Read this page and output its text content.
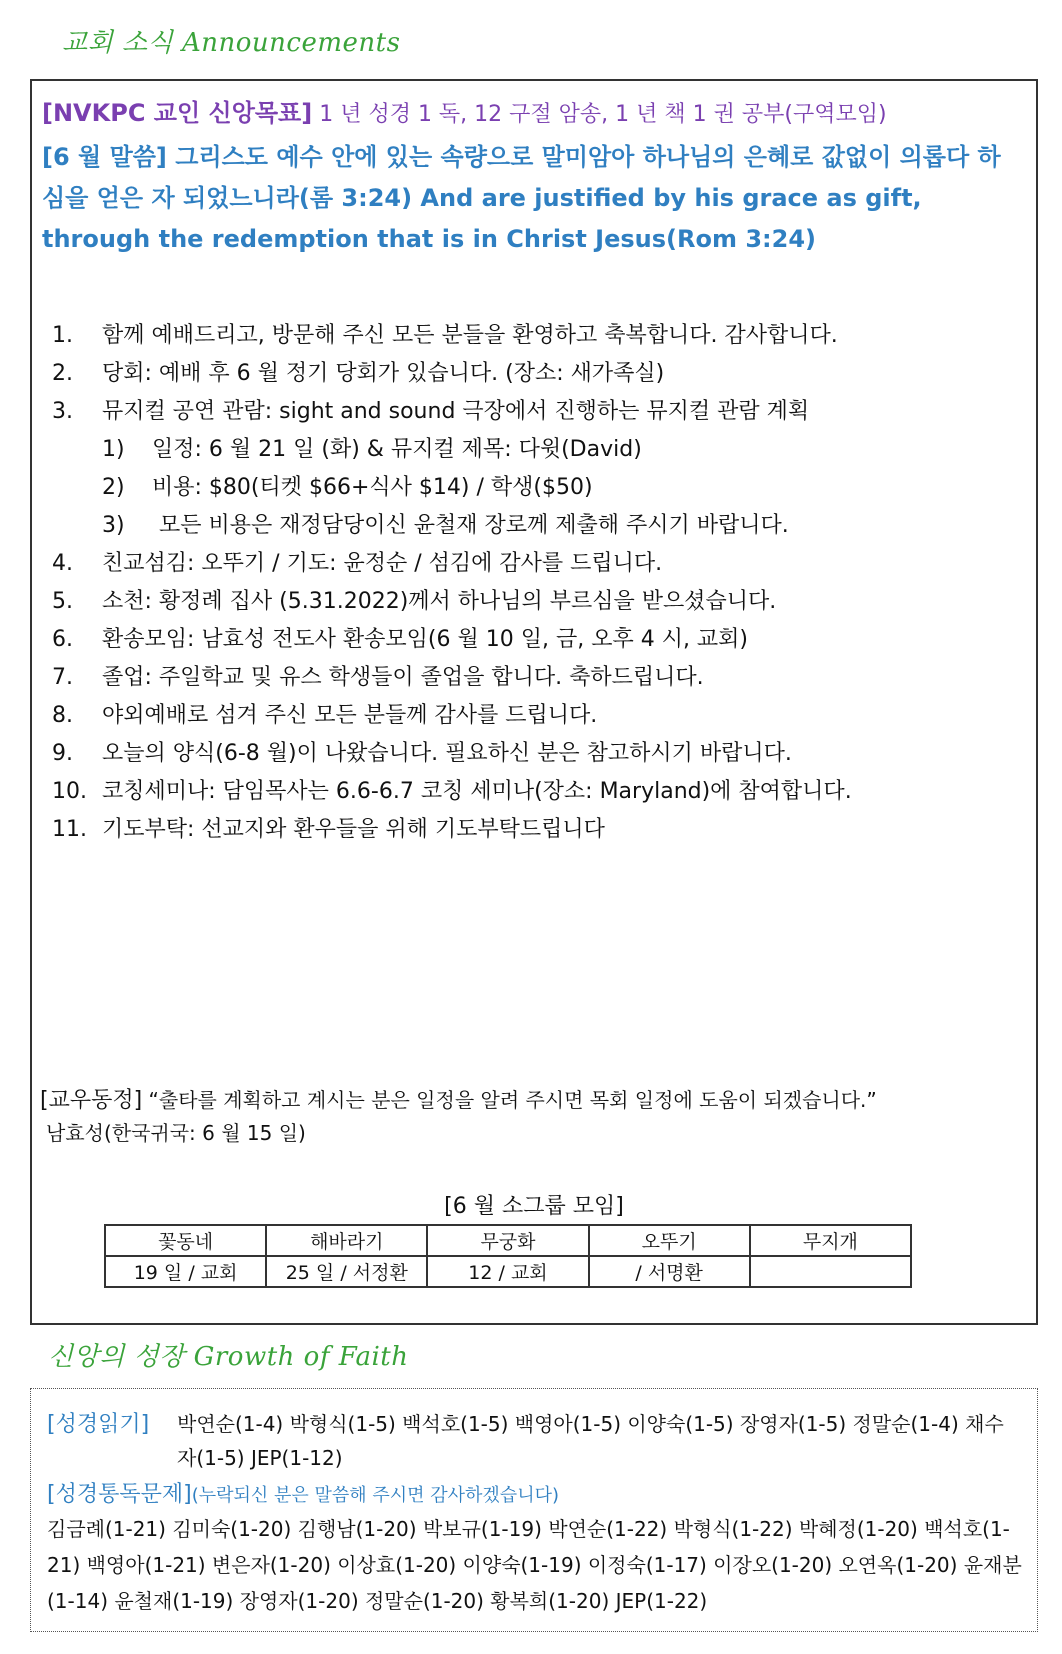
교회 소식 Announcements
[NVKPC 교인 신앙목표] 1 년 성경 1 독, 12 구절 암송, 1 년 책 1 권 공부(구역모임)
[6 월 말씀] 그리스도 예수 안에 있는 속량으로 말미암아 하나님의 은혜로 값없이 의롭다 하심을 얻은 자 되었느니라(롬 3:24) And are justified by his grace as gift, through the redemption that is in Christ Jesus(Rom 3:24)
1. 함께 예배드리고, 방문해 주신 모든 분들을 환영하고 축복합니다. 감사합니다.
2. 당회: 예배 후 6 월 정기 당회가 있습니다. (장소: 새가족실)
3. 뮤지컬 공연 관람: sight and sound 극장에서 진행하는 뮤지컬 관람 계획
1) 일정: 6 월 21 일 (화) & 뮤지컬 제목: 다윗(David)
2) 비용: $80(티켓 $66+식사 $14) / 학생($50)
3) 모든 비용은 재정담당이신 윤철재 장로께 제출해 주시기 바랍니다.
4. 친교섬김: 오뚜기 / 기도: 윤정순 / 섬김에 감사를 드립니다.
5. 소천: 황정례 집사 (5.31.2022)께서 하나님의 부르심을 받으셨습니다.
6. 환송모임: 남효성 전도사 환송모임(6 월 10 일, 금, 오후 4 시, 교회)
7. 졸업: 주일학교 및 유스 학생들이 졸업을 합니다. 축하드립니다.
8. 야외예배로 섬겨 주신 모든 분들께 감사를 드립니다.
9. 오늘의 양식(6-8 월)이 나왔습니다. 필요하신 분은 참고하시기 바랍니다.
10. 코칭세미나: 담임목사는 6.6-6.7 코칭 세미나(장소: Maryland)에 참여합니다.
11. 기도부탁: 선교지와 환우들을 위해 기도부탁드립니다
[교우동정] “출타를 계획하고 계시는 분은 일정을 알려 주시면 목회 일정에 도움이 되겠습니다.”
남효성(한국귀국: 6 월 15 일)
[6 월 소그룹 모임]
꽃동네	해바라기	무궁화	오뚜기	무지개
19 일 / 교회	25 일 / 서정환	12 / 교회	/ 서명환	
신앙의 성장 Growth of Faith
[성경읽기] 박연순(1-4) 박형식(1-5) 백석호(1-5) 백영아(1-5) 이양숙(1-5) 장영자(1-5) 정말순(1-4) 채수자(1-5) JEP(1-12)
[성경통독문제](누락되신 분은 말씀해 주시면 감사하겠습니다)
김금례(1-21) 김미숙(1-20) 김행남(1-20) 박보규(1-19) 박연순(1-22) 박형식(1-22) 박혜정(1-20) 백석호(1-21) 백영아(1-21) 변은자(1-20) 이상효(1-20) 이양숙(1-19) 이정숙(1-17) 이장오(1-20) 오연옥(1-20) 윤재분(1-14) 윤철재(1-19) 장영자(1-20) 정말순(1-20) 황복희(1-20) JEP(1-22)
